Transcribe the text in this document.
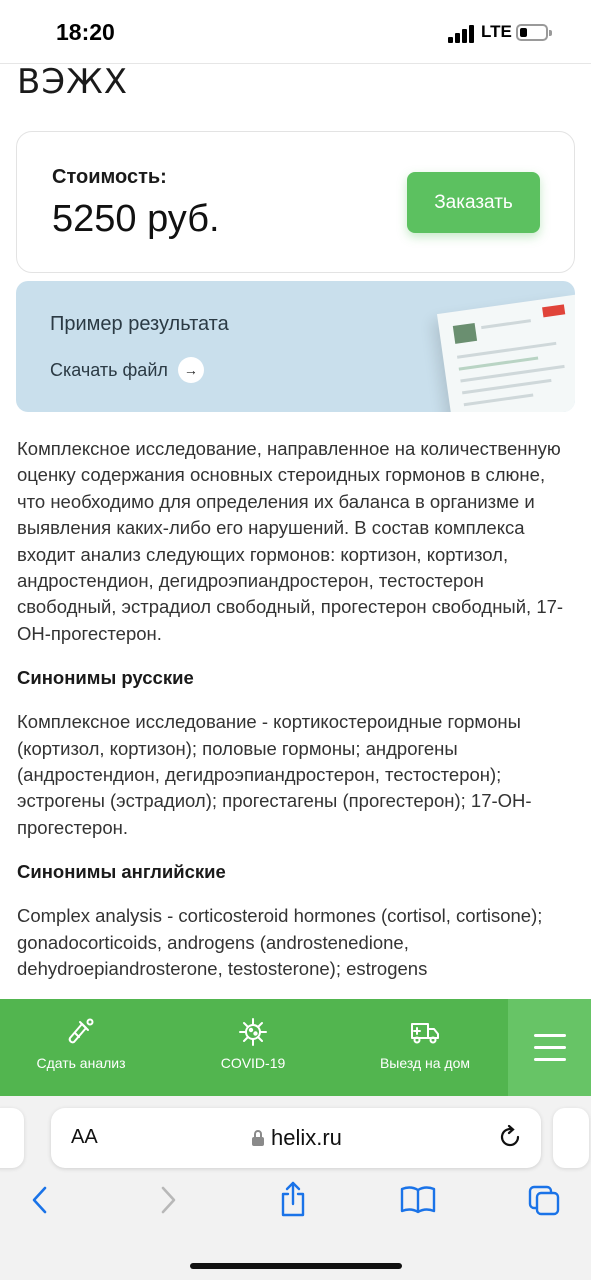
18:20	LTE
ВЭЖХ
Стоимость:
5250 руб.	Заказать
Пример результата
Скачать файл	→

Комплексное исследование, направленное на количественную оценку содержания основных стероидных гормонов в слюне, что необходимо для определения их баланса в организме и выявления каких-либо его нарушений. В состав комплекса входит анализ следующих гормонов: кортизон, кортизол, андростендион, дегидроэпиандростерон, тестостерон свободный, эстрадиол свободный, прогестерон свободный, 17-ОН-прогестерон.

Синонимы русские

Комплексное исследование - кортикостероидные гормоны (кортизол, кортизон); половые гормоны; андрогены (андростендион, дегидроэпиандростерон, тестостерон); эстрогены (эстрадиол); прогестагены (прогестерон); 17-ОН-прогестерон.

Синонимы английские

Complex analysis - corticosteroid hormones (cortisol, cortisone); gonadocorticoids, androgens (androstenedione, dehydroepiandrosterone, testosterone); estrogens

Сдать анализ	COVID-19	Выезд на дом
AA	helix.ru
